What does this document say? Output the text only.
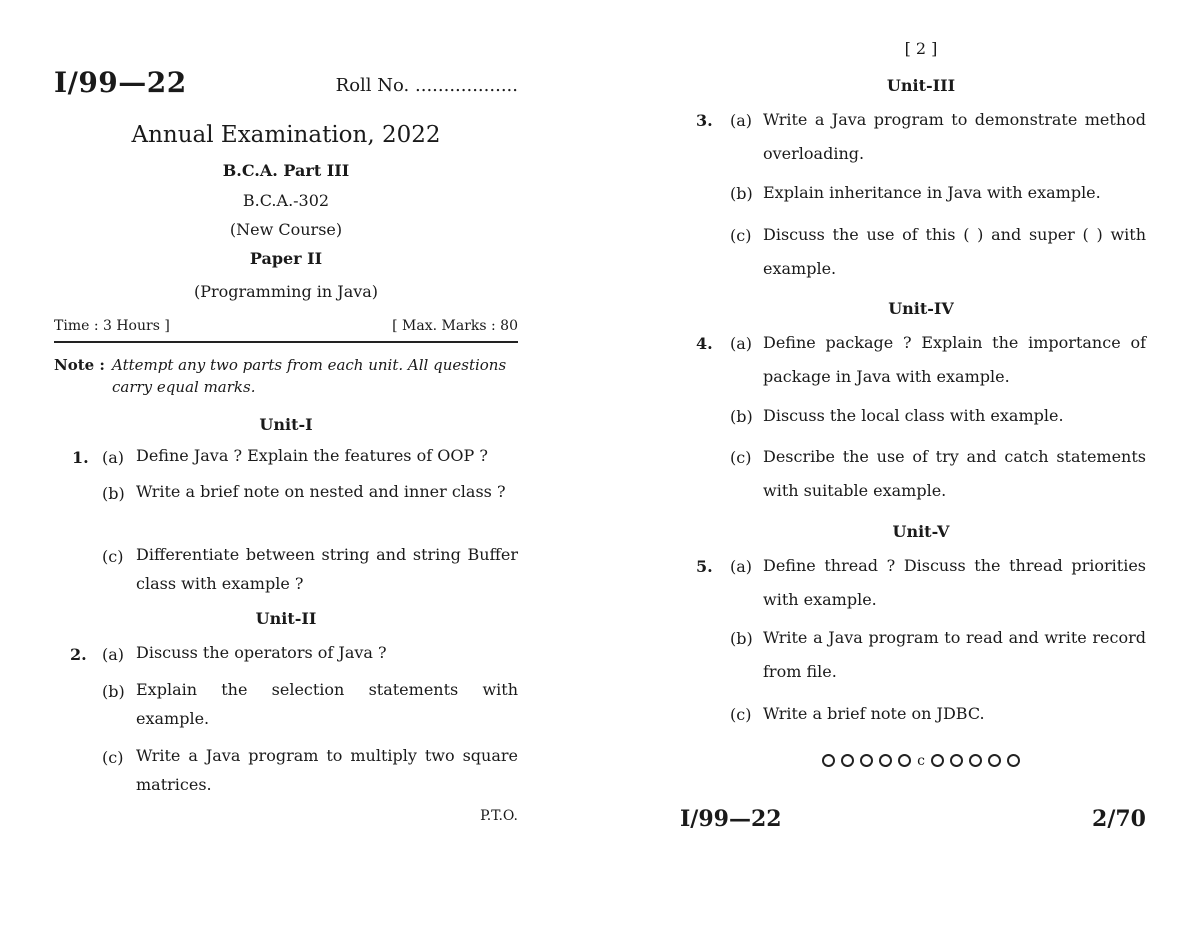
I/99—22	Roll No. ..................
Annual Examination, 2022
B.C.A. Part III
B.C.A.-302
(New Course)
Paper II
(Programming in Java)
Time : 3 Hours ]	[ Max. Marks : 80
Note : Attempt any two parts from each unit. All questions carry equal marks.
Unit-I
1. (a) Define Java ? Explain the features of OOP ?
(b) Write a brief note on nested and inner class ?
(c) Differentiate between string and string Buffer class with example ?
Unit-II
2. (a) Discuss the operators of Java ?
(b) Explain the selection statements with example.
(c) Write a Java program to multiply two square matrices.
P.T.O.
[ 2 ]
Unit-III
3. (a) Write a Java program to demonstrate method overloading.
(b) Explain inheritance in Java with example.
(c) Discuss the use of this ( ) and super ( ) with example.
Unit-IV
4. (a) Define package ? Explain the importance of package in Java with example.
(b) Discuss the local class with example.
(c) Describe the use of try and catch statements with suitable example.
Unit-V
5. (a) Define thread ? Discuss the thread priorities with example.
(b) Write a Java program to read and write record from file.
(c) Write a brief note on JDBC.
c
I/99—22	2/70
